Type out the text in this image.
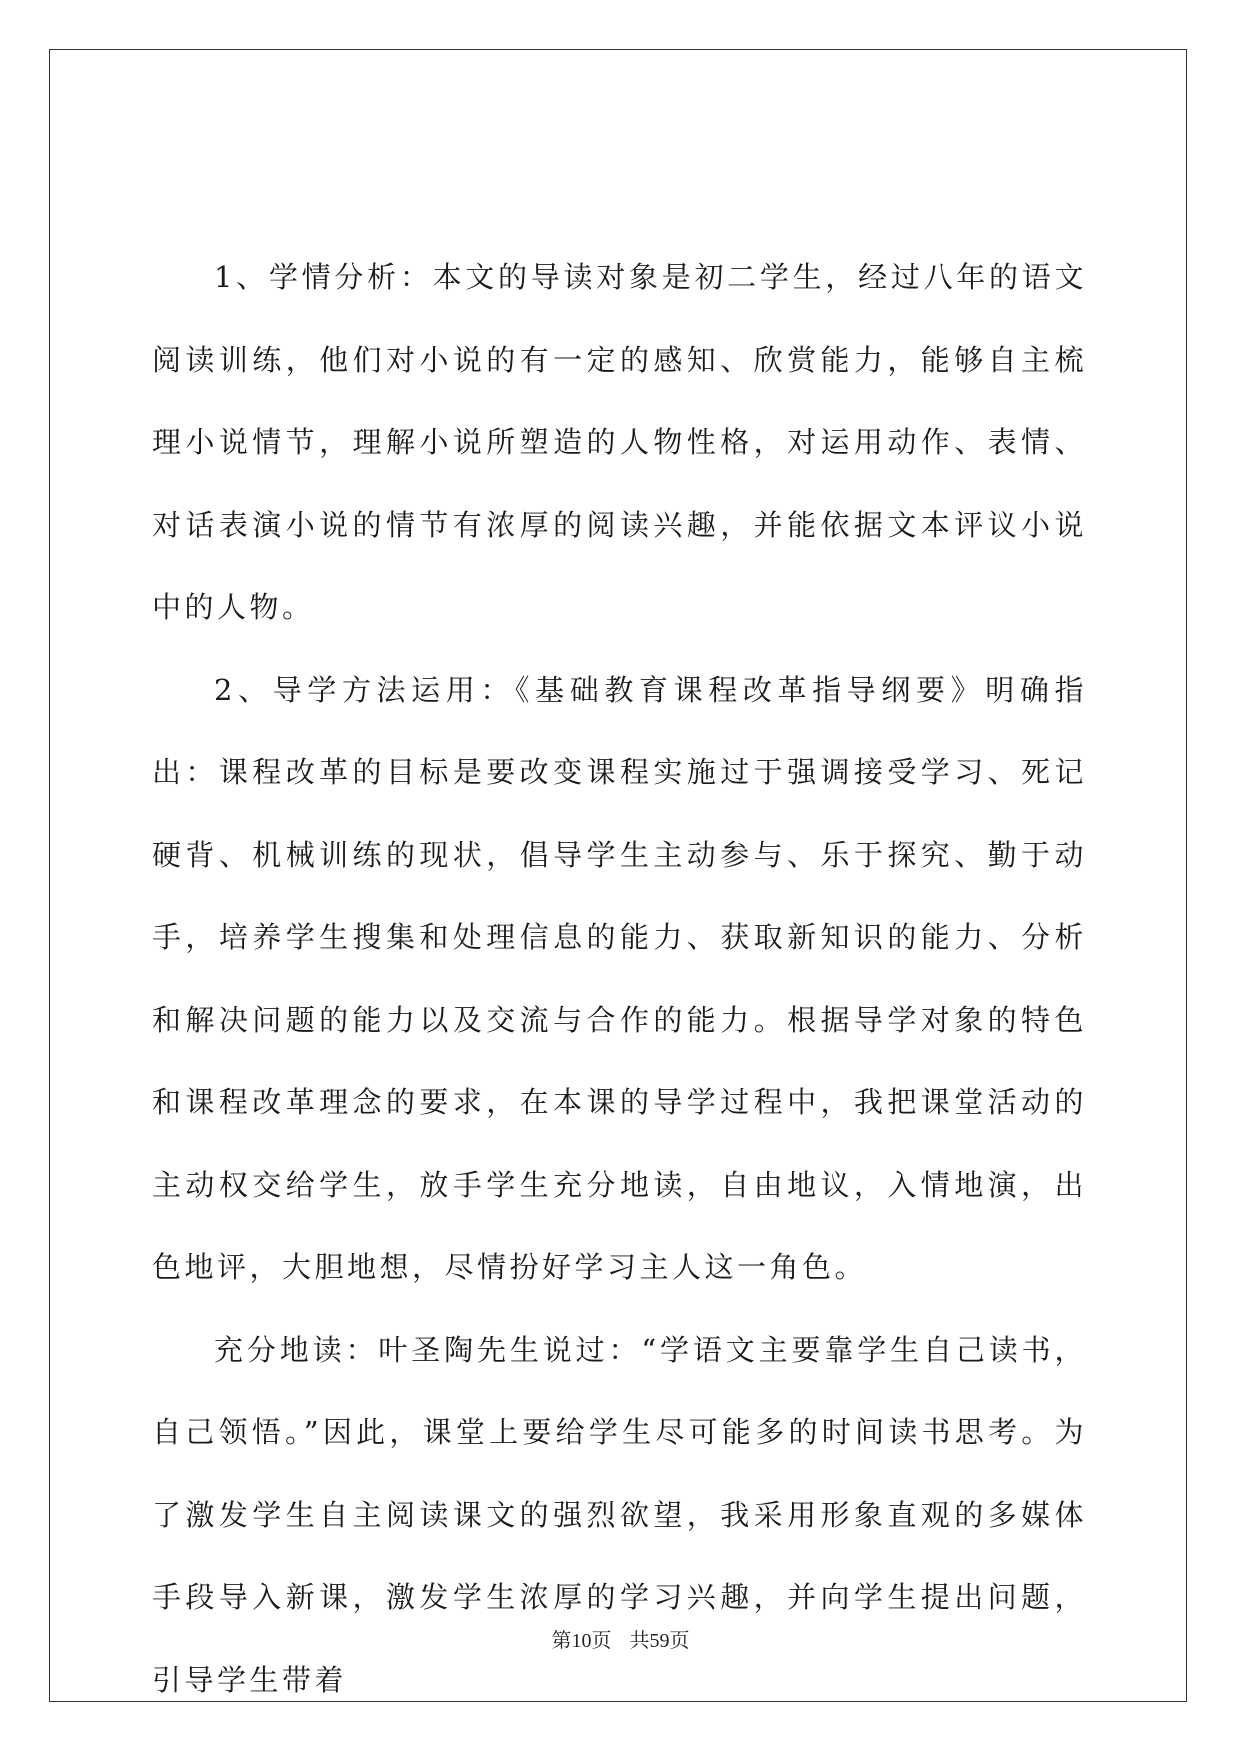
1、学情分析：本文的导读对象是初二学生，经过八年的语文阅读训练，他们对小说的有一定的感知、欣赏能力，能够自主梳理小说情节，理解小说所塑造的人物性格，对运用动作、表情、对话表演小说的情节有浓厚的阅读兴趣，并能依据文本评议小说中的人物。

2、导学方法运用：《基础教育课程改革指导纲要》明确指出：课程改革的目标是要改变课程实施过于强调接受学习、死记硬背、机械训练的现状，倡导学生主动参与、乐于探究、勤于动手，培养学生搜集和处理信息的能力、获取新知识的能力、分析和解决问题的能力以及交流与合作的能力。根据导学对象的特色和课程改革理念的要求，在本课的导学过程中，我把课堂活动的主动权交给学生，放手学生充分地读，自由地议，入情地演，出色地评，大胆地想，尽情扮好学习主人这一角色。

充分地读：叶圣陶先生说过：“学语文主要靠学生自己读书，自己领悟。”因此，课堂上要给学生尽可能多的时间读书思考。为了激发学生自主阅读课文的强烈欲望，我采用形象直观的多媒体手段导入新课，激发学生浓厚的学习兴趣，并向学生提出问题，引导学生带着

第10页 共59页
